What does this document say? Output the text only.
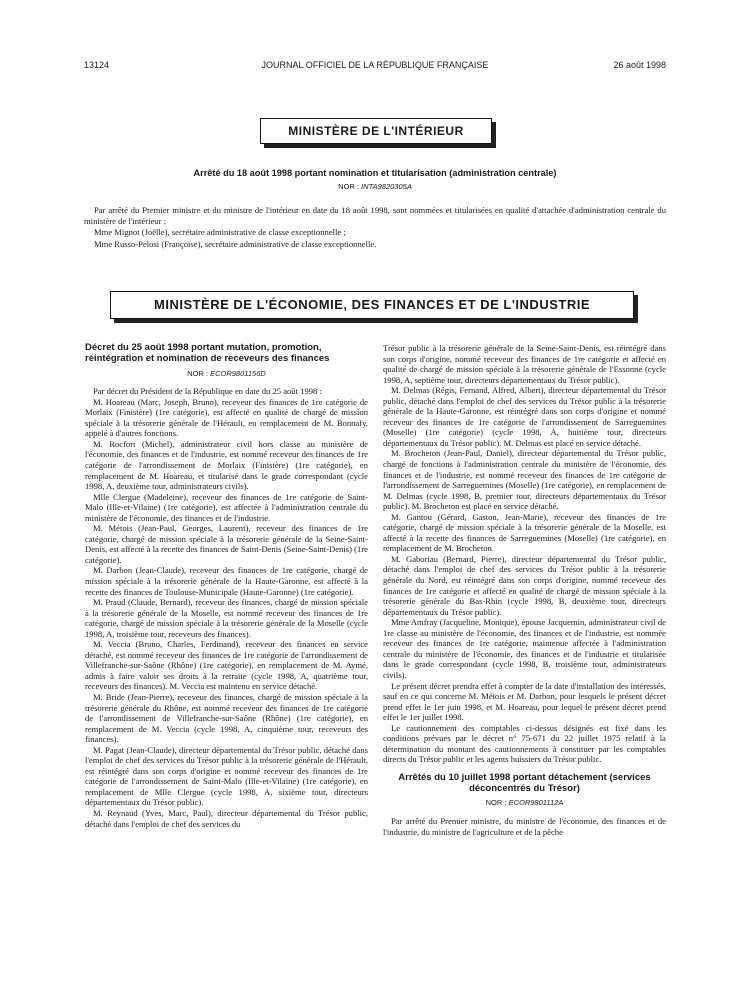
13124	JOURNAL OFFICIEL DE LA RÉPUBLIQUE FRANÇAISE	26 août 1998
MINISTÈRE DE L'INTÉRIEUR
Arrêté du 18 août 1998 portant nomination et titularisation (administration centrale)
NOR : INTA9820305A

Par arrêté du Premier ministre et du ministre de l'intérieur en date du 18 août 1998, sont nommées et titularisées en qualité d'attachée d'administration centrale du ministère de l'intérieur :

Mme Mignot (Joëlle), secrétaire administrative de classe exceptionnelle ;

Mme Russo-Pelosi (Françoise), secrétaire administrative de classe exceptionnelle.

MINISTÈRE DE L'ÉCONOMIE, DES FINANCES ET DE L'INDUSTRIE

Décret du 25 août 1998 portant mutation, promotion, réintégration et nomination de receveurs des finances

NOR : ECOR9801156D

Par décret du Président de la République en date du 25 août 1998 :

M. Hoareau (Marc, Joseph, Bruno), receveur des finances de 1re catégorie de Morlaix (Finistère) (1re catégorie), est affecté en qualité de chargé de mission spéciale à la trésorerie générale de l'Hérault, en remplacement de M. Bonnafy, appelé à d'autres fonctions.

M. Rocfort (Michel), administrateur civil hors classe au ministère de l'économie, des finances et de l'industrie, est nommé receveur des finances de 1re catégorie de l'arrondissement de Morlaix (Finistère) (1re catégorie), en remplacement de M. Hoareau, et titularisé dans le grade correspondant (cycle 1998, A, deuxième tour, administrateurs civils).

Mlle Clergue (Madeleine), receveur des finances de 1re catégorie de Saint-Malo (Ille-et-Vilaine) (1re catégorie), est affectée à l'administration centrale du ministère de l'économie, des finances et de l'industrie.

M. Métois (Jean-Paul, Georges, Laurent), receveur des finances de 1re catégorie, chargé de mission spéciale à la trésorerie générale de la Seine-Saint-Denis, est affecté à la recette des finances de Saint-Denis (Seine-Saint-Denis) (1re catégorie).

M. Darbon (Jean-Claude), receveur des finances de 1re catégorie, chargé de mission spéciale à la trésorerie générale de la Haute-Garonne, est affecté à la recette des finances de Toulouse-Municipale (Haute-Garonne) (1re catégorie).

M. Praud (Claude, Bernard), receveur des finances, chargé de mission spéciale à la trésorerie générale de la Moselle, est nommé receveur des finances de 1re catégorie, chargé de mission spéciale à la trésorerie générale de la Moselle (cycle 1998, A, troisième tour, receveurs des finances).

M. Veccia (Bruno, Charles, Ferdinand), receveur des finances en service détaché, est nommé receveur des finances de 1re catégorie de l'arrondissement de Villefranche-sur-Saône (Rhône) (1re catégorie), en remplacement de M. Aymé, admis à faire valoir ses droits à la retraite (cycle 1998, A, quatrième tour, receveurs des finances). M. Veccia est maintenu en service détaché.

M. Bride (Jean-Pierre), receveur des finances, chargé de mission spéciale à la trésorerie générale du Rhône, est nommé receveur des finances de 1re catégorie de l'arrondissement de Villefranche-sur-Saône (Rhône) (1re catégorie), en remplacement de M. Veccia (cycle 1998, A, cinquième tour, receveurs des finances).

M. Pagat (Jean-Claude), directeur départemental du Trésor public, détaché dans l'emploi de chef des services du Trésor public à la trésorerie générale de l'Hérault, est réintégré dans son corps d'origine et nommé receveur des finances de 1re catégorie de l'arrondissement de Saint-Malo (Ille-et-Vilaine) (1re catégorie), en remplacement de Mlle Clergue (cycle 1998, A, sixième tour, directeurs départementaux du Trésor public).

M. Reynaud (Yves, Marc, Paul), directeur départemental du Trésor public, détaché dans l'emploi de chef des services du

Trésor public à la trésorerie générale de la Seine-Saint-Denis, est réintégré dans son corps d'origine, nommé receveur des finances de 1re catégorie et affecté en qualité de chargé de mission spéciale à la trésorerie générale de l'Essonne (cycle 1998, A, septième tour, directeurs départementaux du Trésor public).

M. Delmas (Régis, Fernand, Alfred, Albert), directeur départemental du Trésor public, détaché dans l'emploi de chef des services du Trésor public à la trésorerie générale de la Haute-Garonne, est réintégré dans son corps d'origine et nommé receveur des finances de 1re catégorie de l'arrondissement de Sarreguemines (Moselle) (1re catégorie) (cycle 1998, A, huitième tour, directeurs départementaux du Trésor public). M. Delmas est placé en service détaché.

M. Brocheton (Jean-Paul, Daniel), directeur départemental du Trésor public, chargé de fonctions à l'administration centrale du ministère de l'économie, des finances et de l'industrie, est nommé receveur des finances de 1re catégorie de l'arrondissement de Sarreguemines (Moselle) (1re catégorie), en remplacement de M. Delmas (cycle 1998, B, premier tour, directeurs départementaux du Trésor public). M. Brocheton est placé en service détaché.

M. Gantou (Gérard, Gaston, Jean-Marie), receveur des finances de 1re catégorie, chargé de mission spéciale à la trésorerie générale de la Moselle, est affecté à la recette des finances de Sarreguemines (Moselle) (1re catégorie), en remplacement de M. Brocheton.

M. Gaboriau (Bernard, Pierre), directeur départemental du Trésor public, détaché dans l'emploi de chef des services du Trésor public à la trésorerie générale du Nord, est réintégré dans son corps d'origine, nommé receveur des finances de 1re catégorie et affecté en qualité de chargé de mission spéciale à la trésorerie générale du Bas-Rhin (cycle 1998, B, deuxième tour, directeurs départementaux du Trésor public).

Mme Amfray (Jacqueline, Monique), épouse Jacquemin, administrateur civil de 1re classe au ministère de l'économie, des finances et de l'industrie, est nommée receveur des finances de 1re catégorie, maintenue affectée à l'administration centrale du ministère de l'économie, des finances et de l'industrie et titularisée dans le grade correspondant (cycle 1998, B, troisième tour, administrateurs civils).

Le présent décret prendra effet à compter de la date d'installation des intéressés, sauf en ce qui concerne M. Métois et M. Darbon, pour lesquels le présent décret prend effet le 1er juin 1998, et M. Hoareau, pour lequel le présent décret prend effet le 1er juillet 1998.

Le cautionnement des comptables ci-dessus désignés est fixé dans les conditions prévues par le décret n° 75-671 du 22 juillet 1975 relatif à la détermination du montant des cautionnements à constituer par les comptables directs du Trésor public et les agents huissiers du Trésor public.

Arrêtés du 10 juillet 1998 portant détachement (services déconcentrés du Trésor)

NOR : ECOR9801112A

Par arrêté du Premier ministre, du ministre de l'économie, des finances et de l'industrie, du ministre de l'agriculture et de la pêche
